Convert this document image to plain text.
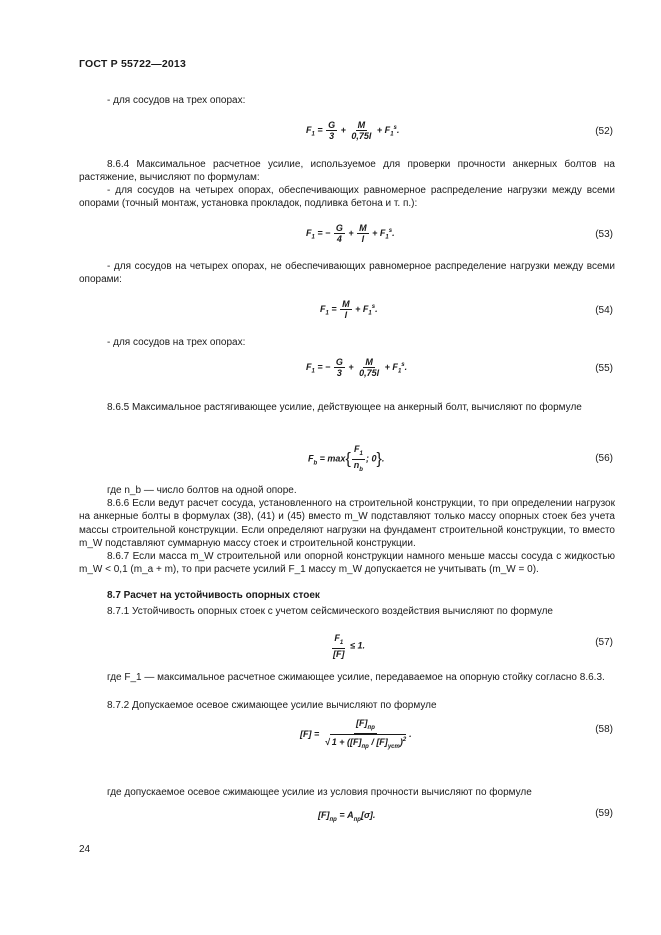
ГОСТ Р 55722—2013
- для сосудов на трех опорах:
$F_1 = \frac{G}{3} + \frac{M}{0,75l} + F_1^s$.	(52)
8.6.4 Максимальное расчетное усилие, используемое для проверки прочности анкерных болтов на растяжение, вычисляют по формулам:
- для сосудов на четырех опорах, обеспечивающих равномерное распределение нагрузки между всеми опорами (точный монтаж, установка прокладок, подливка бетона и т. п.):
$F_1$ = − $\frac{G}{4} + \frac{M}{l} + F_1^s$.	(53)
- для сосудов на четырех опорах, не обеспечивающих равномерное распределение нагрузки между всеми опорами:
$F_1 = \frac{M}{l} + F_1^s$.	(54)
- для сосудов на трех опорах:
$F_1$ = − $\frac{G}{3} + \frac{M}{0,75l} + F_1^s$.	(55)
8.6.5 Максимальное растягивающее усилие, действующее на анкерный болт, вычисляют по формуле
$F_b = \max\{ \frac{F_1}{n_b}$ ; 0}.	(56)
где n_b — число болтов на одной опоре.
8.6.6 Если ведут расчет сосуда, установленного на строительной конструкции, то при определении нагрузок на анкерные болты в формулах (38), (41) и (45) вместо m_W подставляют только массу опорных стоек без учета массы строительной конструкции. Если определяют нагрузки на фундамент строительной конструкции, то вместо m_W подставляют суммарную массу стоек и строительной конструкции.
8.6.7 Если масса m_W строительной или опорной конструкции намного меньше массы сосуда с жидкостью m_W < 0,1 (m_a + m), то при расчете усилий F_1 массу m_W допускается не учитывать (m_W = 0).
8.7 Расчет на устойчивость опорных стоек
8.7.1 Устойчивость опорных стоек с учетом сейсмического воздействия вычисляют по формуле
$\frac{F_1}{[F]} \le 1$.	(57)
где F_1 — максимальное расчетное сжимающее усилие, передаваемое на опорную стойку согласно 8.6.3.
8.7.2 Допускаемое осевое сжимающее усилие вычисляют по формуле
$[F] = \frac{[F]_{пр}}{√ 1 + ([F]_{пр} / [F]_{уст})^2}$ .	(58)
где допускаемое осевое сжимающее усилие из условия прочности вычисляют по формуле
$[F]_{пр} = A_{пр}[\sigma]$.	(59)
24
